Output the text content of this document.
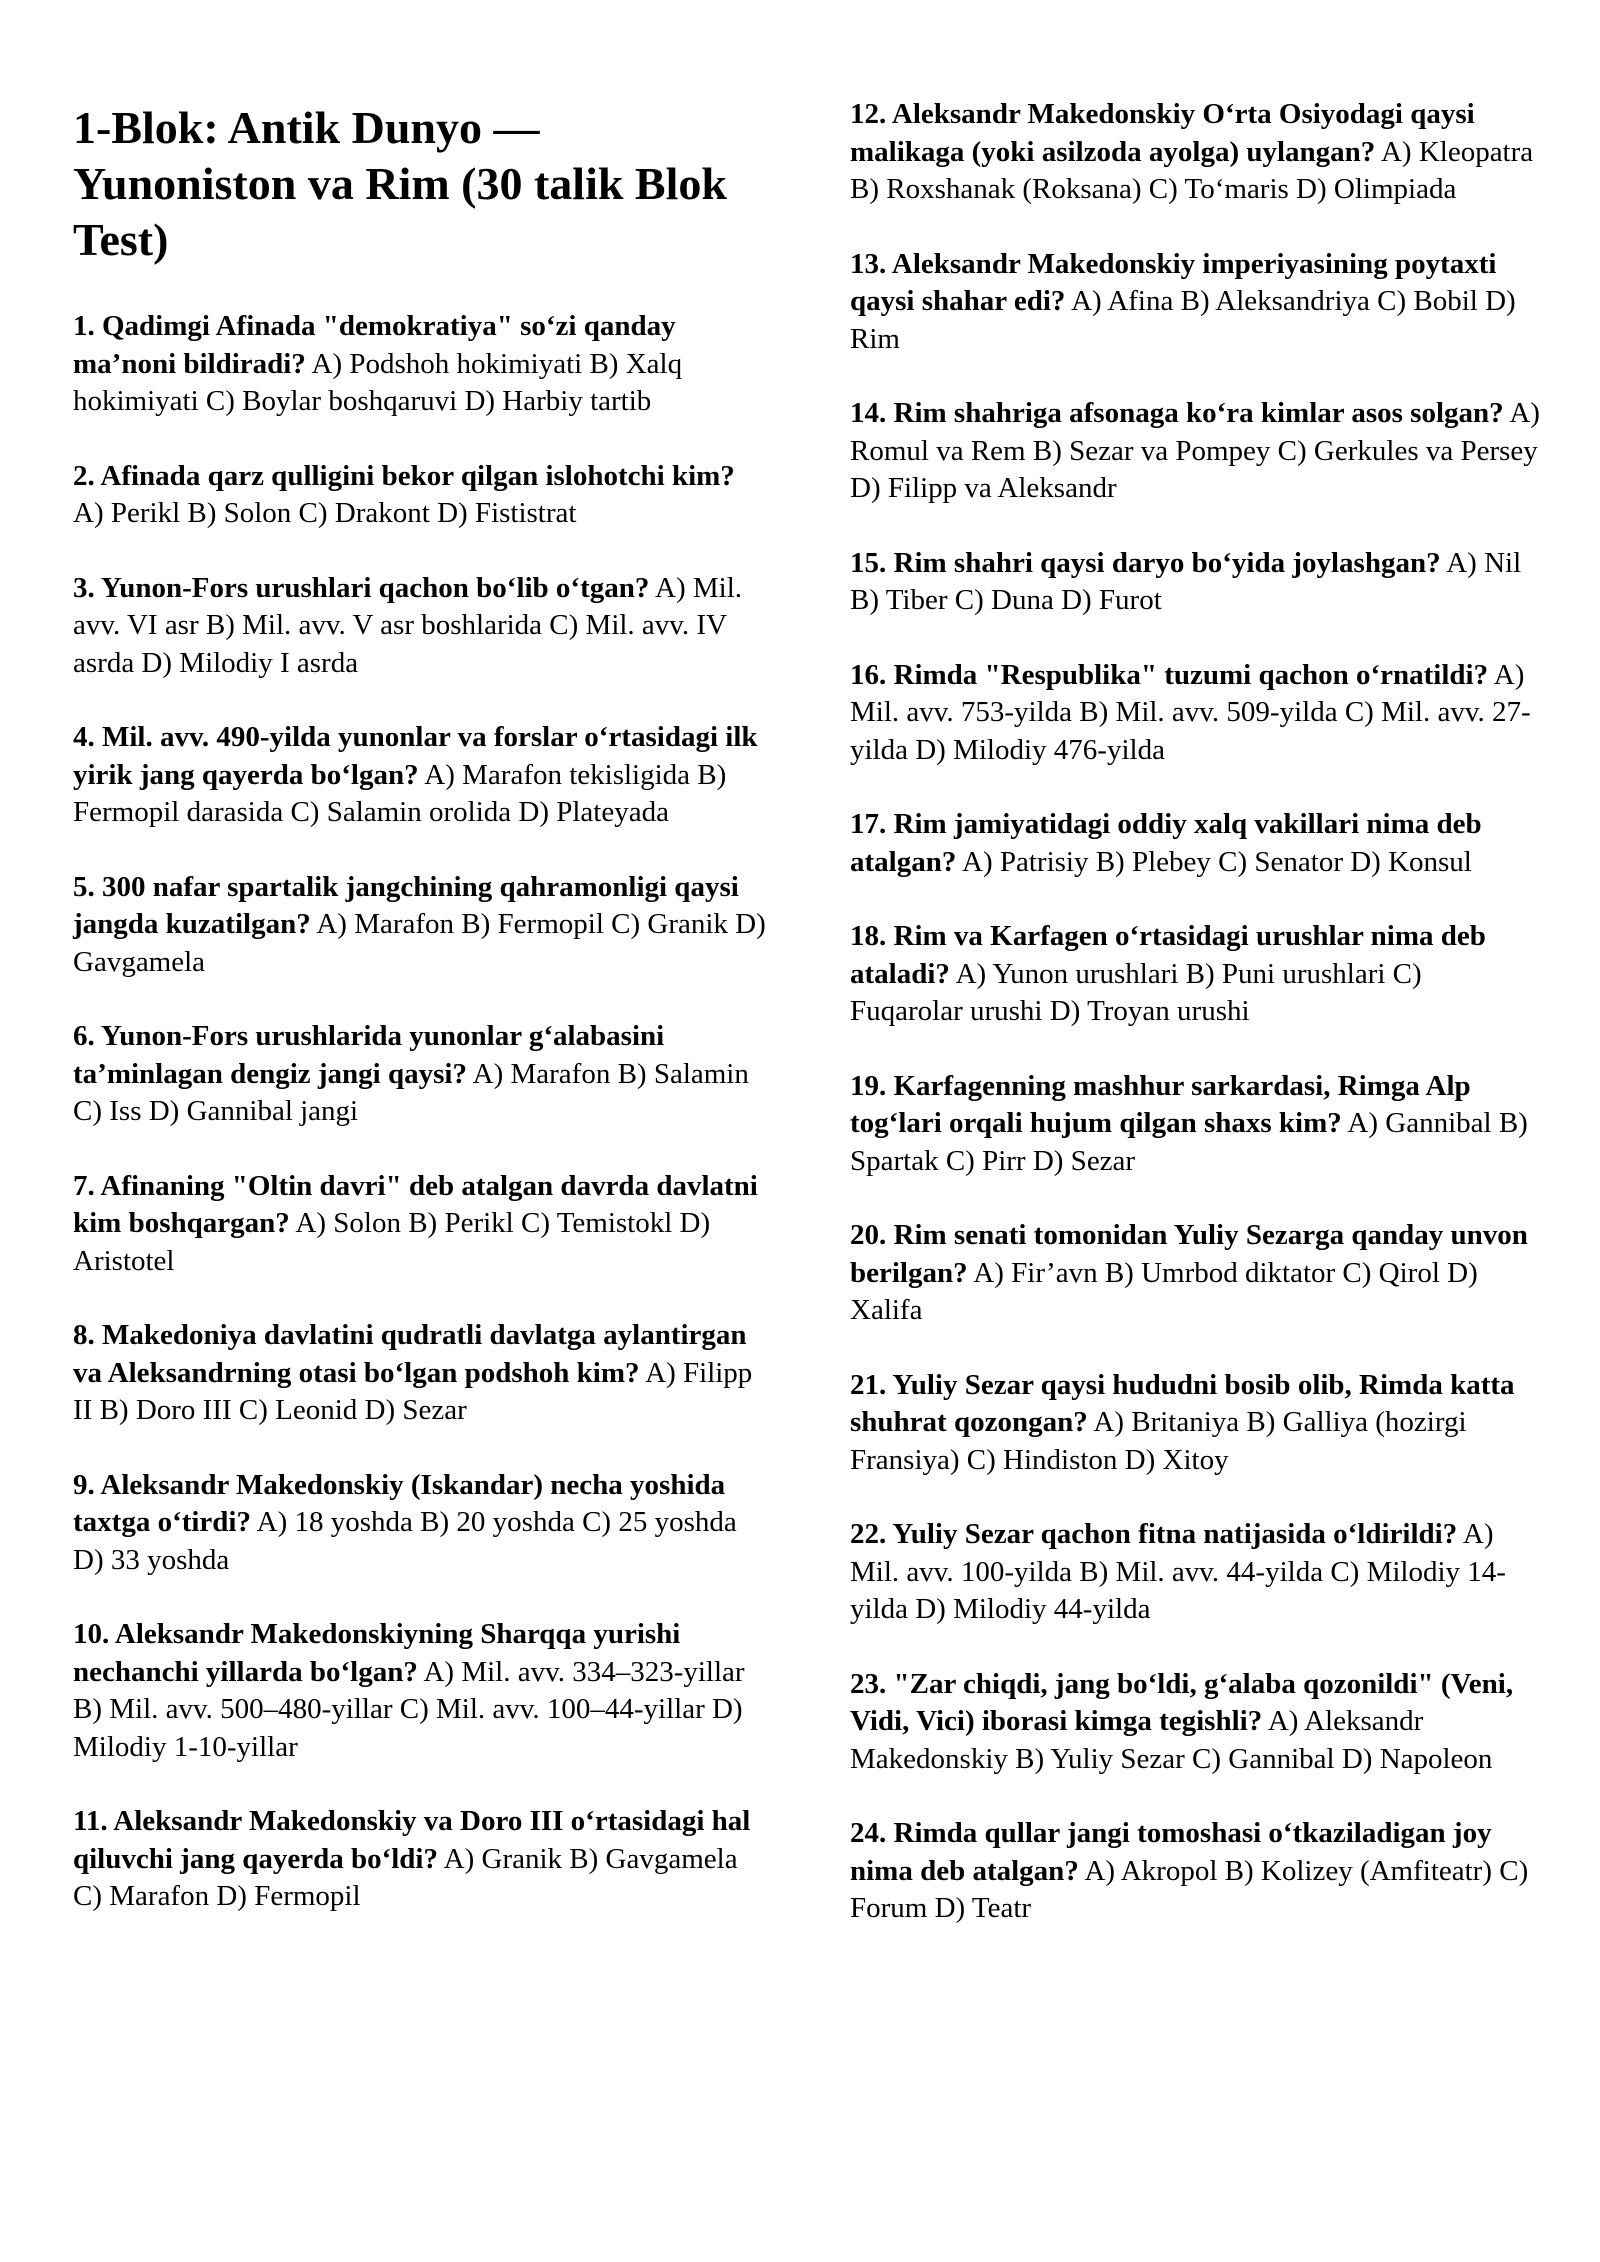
1-Blok: Antik Dunyo — Yunoniston va Rim (30 talik Blok Test)

1. Qadimgi Afinada "demokratiya" so‘zi qanday ma’noni bildiradi? A) Podshoh hokimiyati B) Xalq hokimiyati C) Boylar boshqaruvi D) Harbiy tartib

2. Afinada qarz qulligini bekor qilgan islohotchi kim? A) Perikl B) Solon C) Drakont D) Fististrat

3. Yunon-Fors urushlari qachon bo‘lib o‘tgan? A) Mil. avv. VI asr B) Mil. avv. V asr boshlarida C) Mil. avv. IV asrda D) Milodiy I asrda

4. Mil. avv. 490-yilda yunonlar va forslar o‘rtasidagi ilk yirik jang qayerda bo‘lgan? A) Marafon tekisligida B) Fermopil darasida C) Salamin orolida D) Plateyada

5. 300 nafar spartalik jangchining qahramonligi qaysi jangda kuzatilgan? A) Marafon B) Fermopil C) Granik D) Gavgamela

6. Yunon-Fors urushlarida yunonlar g‘alabasini ta’minlagan dengiz jangi qaysi? A) Marafon B) Salamin C) Iss D) Gannibal jangi

7. Afinaning "Oltin davri" deb atalgan davrda davlatni kim boshqargan? A) Solon B) Perikl C) Temistokl D) Aristotel

8. Makedoniya davlatini qudratli davlatga aylantirgan va Aleksandrning otasi bo‘lgan podshoh kim? A) Filipp II B) Doro III C) Leonid D) Sezar

9. Aleksandr Makedonskiy (Iskandar) necha yoshida taxtga o‘tirdi? A) 18 yoshda B) 20 yoshda C) 25 yoshda D) 33 yoshda

10. Aleksandr Makedonskiyning Sharqqa yurishi nechanchi yillarda bo‘lgan? A) Mil. avv. 334–323-yillar B) Mil. avv. 500–480-yillar C) Mil. avv. 100–44-yillar D) Milodiy 1-10-yillar

11. Aleksandr Makedonskiy va Doro III o‘rtasidagi hal qiluvchi jang qayerda bo‘ldi? A) Granik B) Gavgamela C) Marafon D) Fermopil

12. Aleksandr Makedonskiy O‘rta Osiyodagi qaysi malikaga (yoki asilzoda ayolga) uylangan? A) Kleopatra B) Roxshanak (Roksana) C) To‘maris D) Olimpiada

13. Aleksandr Makedonskiy imperiyasining poytaxti qaysi shahar edi? A) Afina B) Aleksandriya C) Bobil D) Rim

14. Rim shahriga afsonaga ko‘ra kimlar asos solgan? A) Romul va Rem B) Sezar va Pompey C) Gerkules va Persey D) Filipp va Aleksandr

15. Rim shahri qaysi daryo bo‘yida joylashgan? A) Nil B) Tiber C) Duna D) Furot

16. Rimda "Respublika" tuzumi qachon o‘rnatildi? A) Mil. avv. 753-yilda B) Mil. avv. 509-yilda C) Mil. avv. 27-yilda D) Milodiy 476-yilda

17. Rim jamiyatidagi oddiy xalq vakillari nima deb atalgan? A) Patrisiy B) Plebey C) Senator D) Konsul

18. Rim va Karfagen o‘rtasidagi urushlar nima deb ataladi? A) Yunon urushlari B) Puni urushlari C) Fuqarolar urushi D) Troyan urushi

19. Karfagenning mashhur sarkardasi, Rimga Alp tog‘lari orqali hujum qilgan shaxs kim? A) Gannibal B) Spartak C) Pirr D) Sezar

20. Rim senati tomonidan Yuliy Sezarga qanday unvon berilgan? A) Fir’avn B) Umrbod diktator C) Qirol D) Xalifa

21. Yuliy Sezar qaysi hududni bosib olib, Rimda katta shuhrat qozongan? A) Britaniya B) Galliya (hozirgi Fransiya) C) Hindiston D) Xitoy

22. Yuliy Sezar qachon fitna natijasida o‘ldirildi? A) Mil. avv. 100-yilda B) Mil. avv. 44-yilda C) Milodiy 14-yilda D) Milodiy 44-yilda

23. "Zar chiqdi, jang bo‘ldi, g‘alaba qozonildi" (Veni, Vidi, Vici) iborasi kimga tegishli? A) Aleksandr Makedonskiy B) Yuliy Sezar C) Gannibal D) Napoleon

24. Rimda qullar jangi tomoshasi o‘tkaziladigan joy nima deb atalgan? A) Akropol B) Kolizey (Amfiteatr) C) Forum D) Teatr
